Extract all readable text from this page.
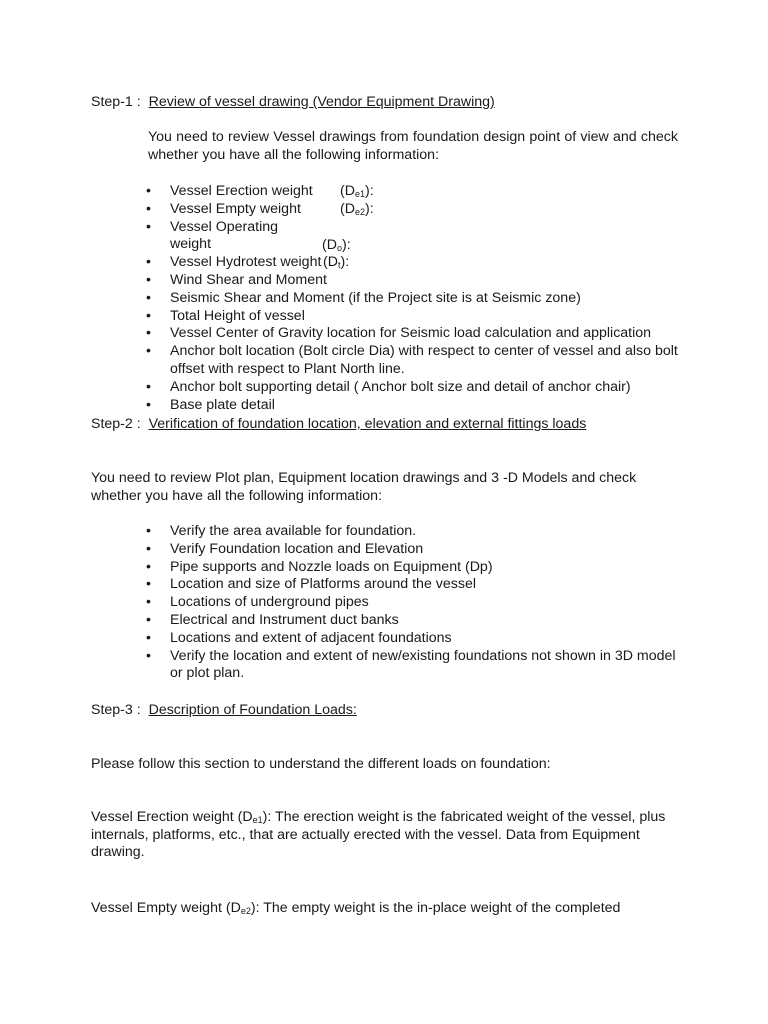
Step-1 : Review of vessel drawing (Vendor Equipment Drawing)
You need to review Vessel drawings from foundation design point of view and check whether you have all the following information:
• Vessel Erection weight $(D_{e1})$:
• Vessel Empty weight	$(D_{e2})$:
• Vessel Operating weight	$(D_o)$:
• Vessel Hydrotest weight $(D_t)$:
• Wind Shear and Moment
• Seismic Shear and Moment (if the Project site is at Seismic zone)
• Total Height of vessel
• Vessel Center of Gravity location for Seismic load calculation and application
• Anchor bolt location (Bolt circle Dia) with respect to center of vessel and also bolt offset with respect to Plant North line.
• Anchor bolt supporting detail ( Anchor bolt size and detail of anchor chair)
• Base plate detail
Step-2 : Verification of foundation location, elevation and external fittings loads
You need to review Plot plan, Equipment location drawings and 3 -D Models and check whether you have all the following information:
• Verify the area available for foundation.
• Verify Foundation location and Elevation
• Pipe supports and Nozzle loads on Equipment (Dp)
• Location and size of Platforms around the vessel
• Locations of underground pipes
• Electrical and Instrument duct banks
• Locations and extent of adjacent foundations
• Verify the location and extent of new/existing foundations not shown in 3D model or plot plan.
Step-3 : Description of Foundation Loads:
Please follow this section to understand the different loads on foundation:
Vessel Erection weight $(D_{e1})$: The erection weight is the fabricated weight of the vessel, plus internals, platforms, etc., that are actually erected with the vessel. Data from Equipment drawing.
Vessel Empty weight $(D_{e2})$: The empty weight is the in-place weight of the completed
